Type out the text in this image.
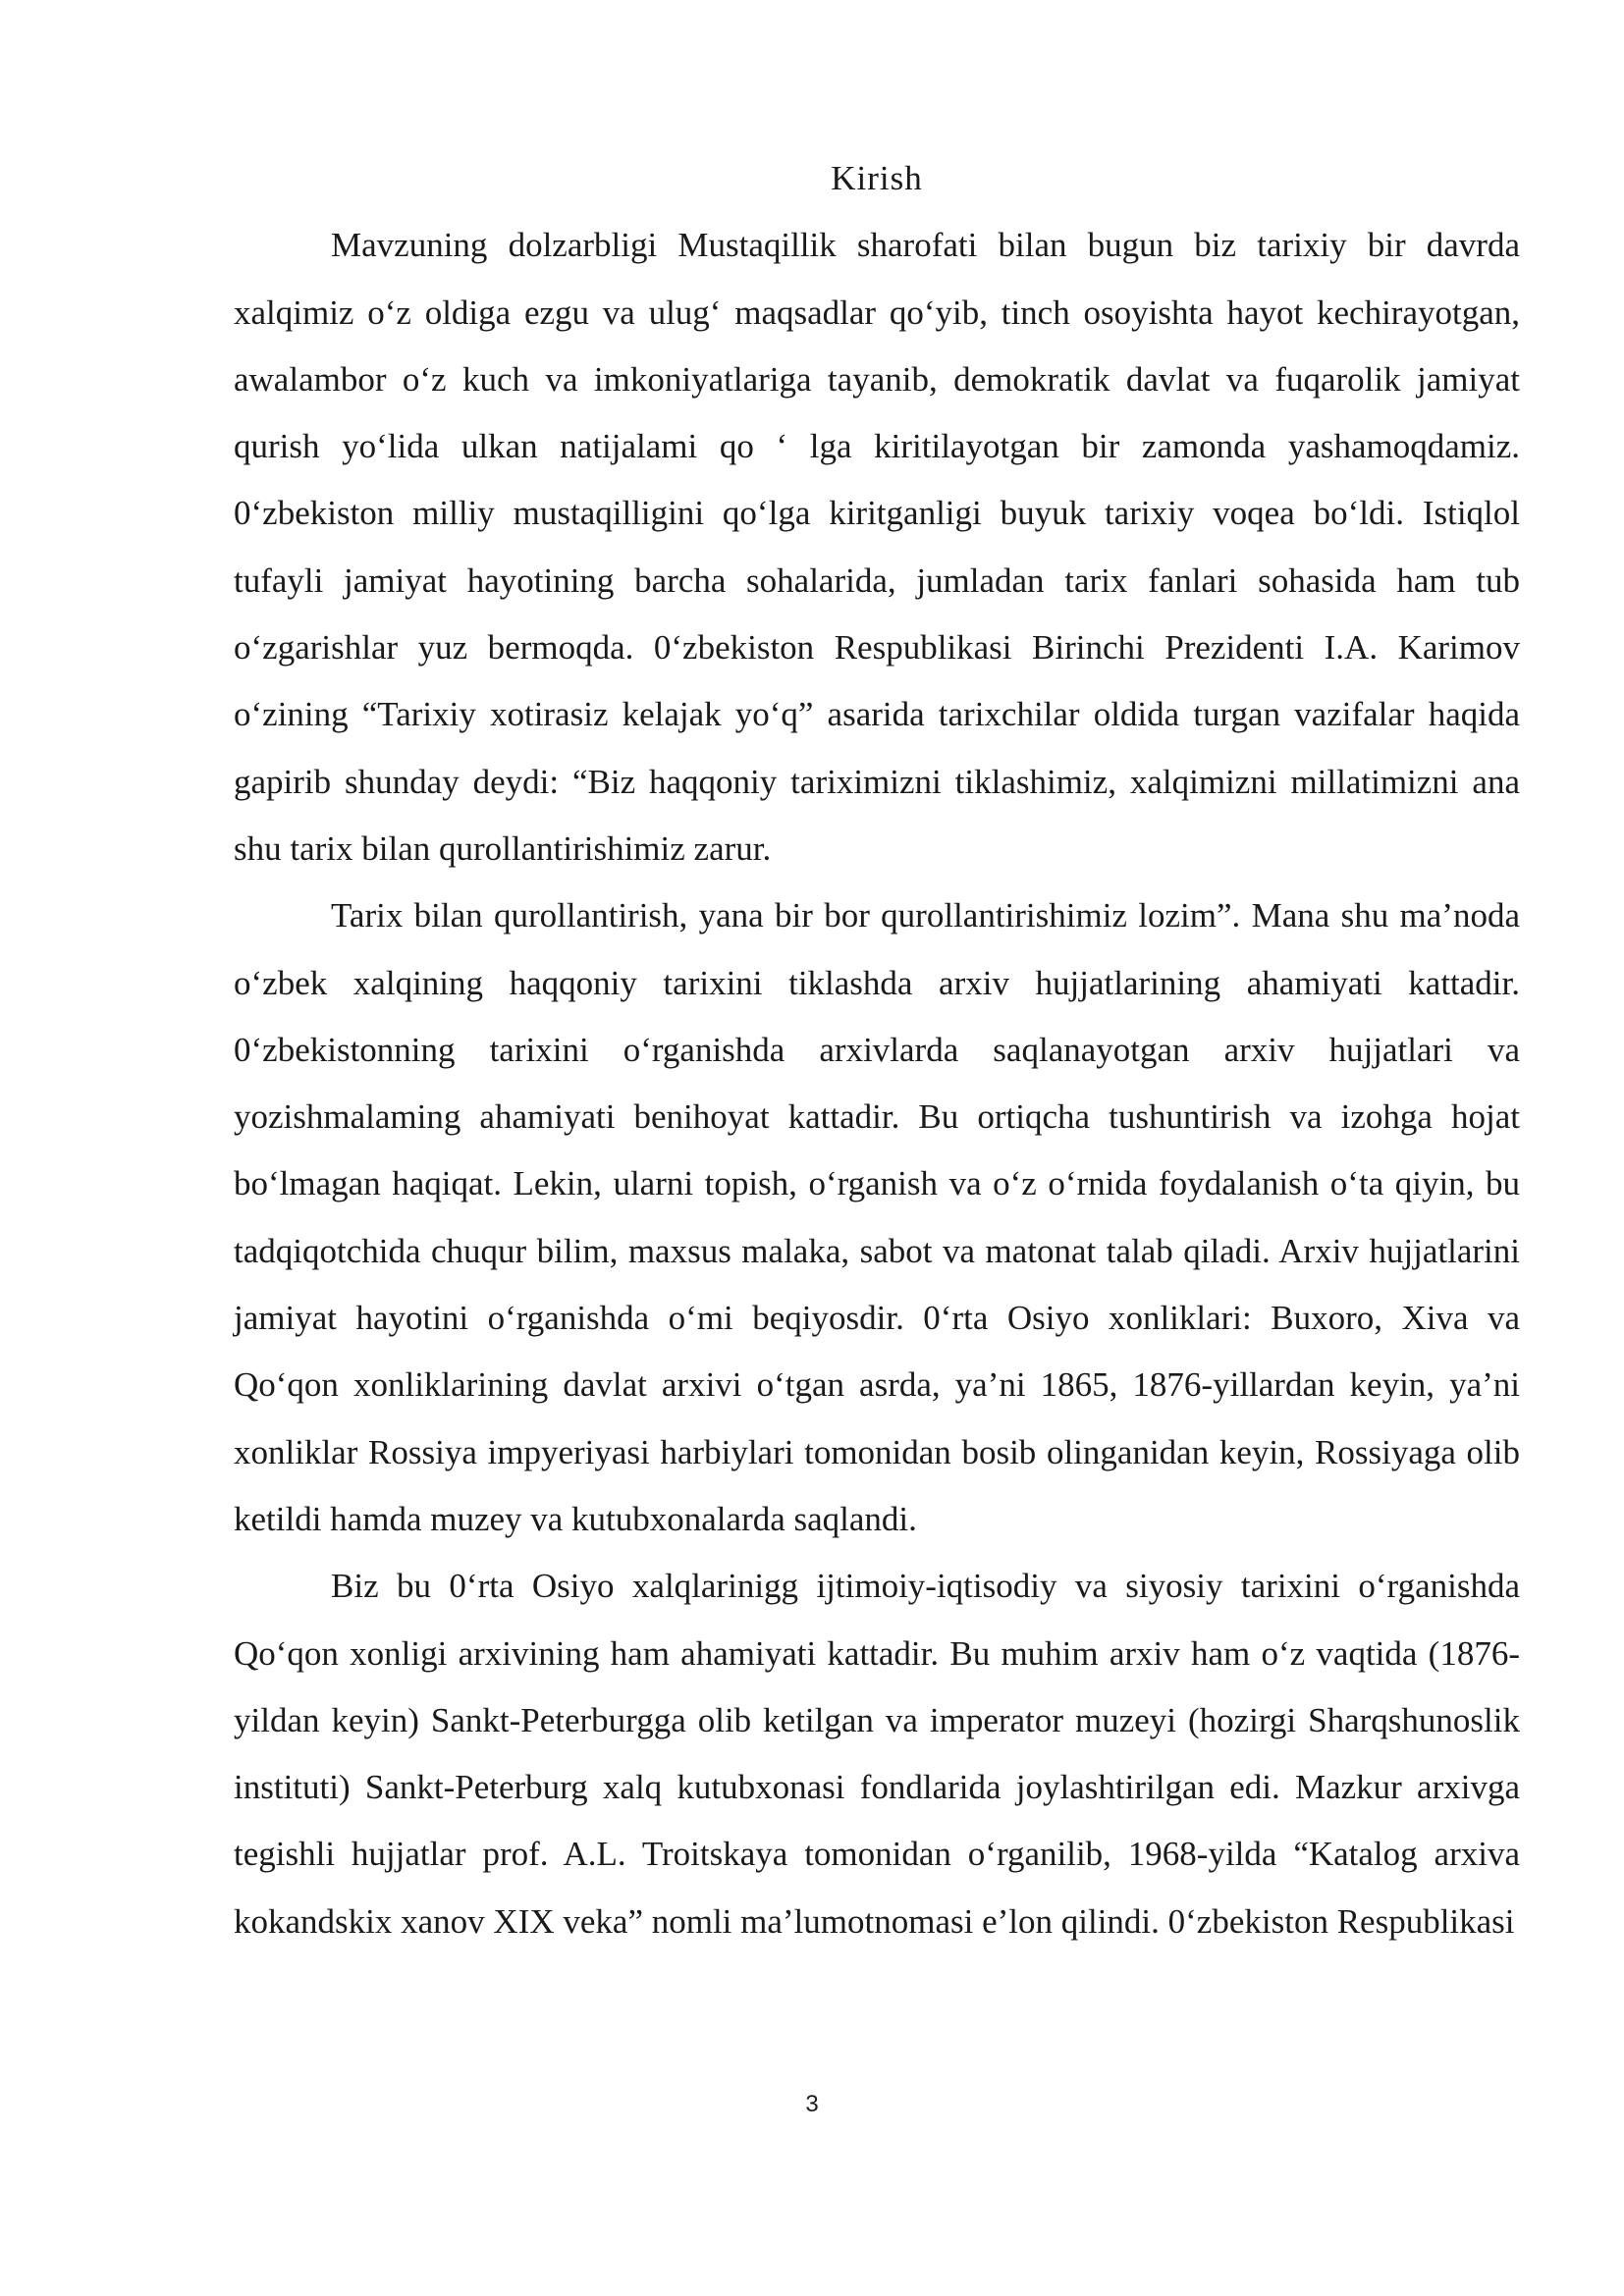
Kirish

Mavzuning dolzarbligi Mustaqillik sharofati bilan bugun biz tarixiy bir davrda xalqimiz o‘z oldiga ezgu va ulug‘ maqsadlar qo‘yib, tinch osoyishta hayot kechirayotgan, awalambor o‘z kuch va imkoniyatlariga tayanib, demokratik davlat va fuqarolik jamiyat qurish yo‘lida ulkan natijalami qo ‘ lga kiritilayotgan bir zamonda yashamoqdamiz. 0‘zbekiston milliy mustaqilligini qo‘lga kiritganligi buyuk tarixiy voqea bo‘ldi. Istiqlol tufayli jamiyat hayotining barcha sohalarida, jumladan tarix fanlari sohasida ham tub o‘zgarishlar yuz bermoqda. 0‘zbekiston Respublikasi Birinchi Prezidenti I.A. Karimov o‘zining “Tarixiy xotirasiz kelajak yo‘q” asarida tarixchilar oldida turgan vazifalar haqida gapirib shunday deydi: “Biz haqqoniy tariximizni tiklashimiz, xalqimizni millatimizni ana shu tarix bilan qurollantirishimiz zarur.

Tarix bilan qurollantirish, yana bir bor qurollantirishimiz lozim”. Mana shu ma’noda o‘zbek xalqining haqqoniy tarixini tiklashda arxiv hujjatlarining ahamiyati kattadir. 0‘zbekistonning tarixini o‘rganishda arxivlarda saqlanayotgan arxiv hujjatlari va yozishmalaming ahamiyati benihoyat kattadir. Bu ortiqcha tushuntirish va izohga hojat bo‘lmagan haqiqat. Lekin, ularni topish, o‘rganish va o‘z o‘rnida foydalanish o‘ta qiyin, bu tadqiqotchida chuqur bilim, maxsus malaka, sabot va matonat talab qiladi. Arxiv hujjatlarini jamiyat hayotini o‘rganishda o‘mi beqiyosdir. 0‘rta Osiyo xonliklari: Buxoro, Xiva va Qo‘qon xonliklarining davlat arxivi o‘tgan asrda, ya’ni 1865, 1876-yillardan keyin, ya’ni xonliklar Rossiya impyeriyasi harbiylari tomonidan bosib olinganidan keyin, Rossiyaga olib ketildi hamda muzey va kutubxonalarda saqlandi.

Biz bu 0‘rta Osiyo xalqlarinigg ijtimoiy-iqtisodiy va siyosiy tarixini o‘rganishda Qo‘qon xonligi arxivining ham ahamiyati kattadir. Bu muhim arxiv ham o‘z vaqtida (1876-yildan keyin) Sankt-Peterburgga olib ketilgan va imperator muzeyi (hozirgi Sharqshunoslik instituti) Sankt-Peterburg xalq kutubxonasi fondlarida joylashtirilgan edi. Mazkur arxivga tegishli hujjatlar prof. A.L. Troitskaya tomonidan o‘rganilib, 1968-yilda “Katalog arxiva kokandskix xanov XIX veka” nomli ma’lumotnomasi e’lon qilindi. 0‘zbekiston Respublikasi

3
